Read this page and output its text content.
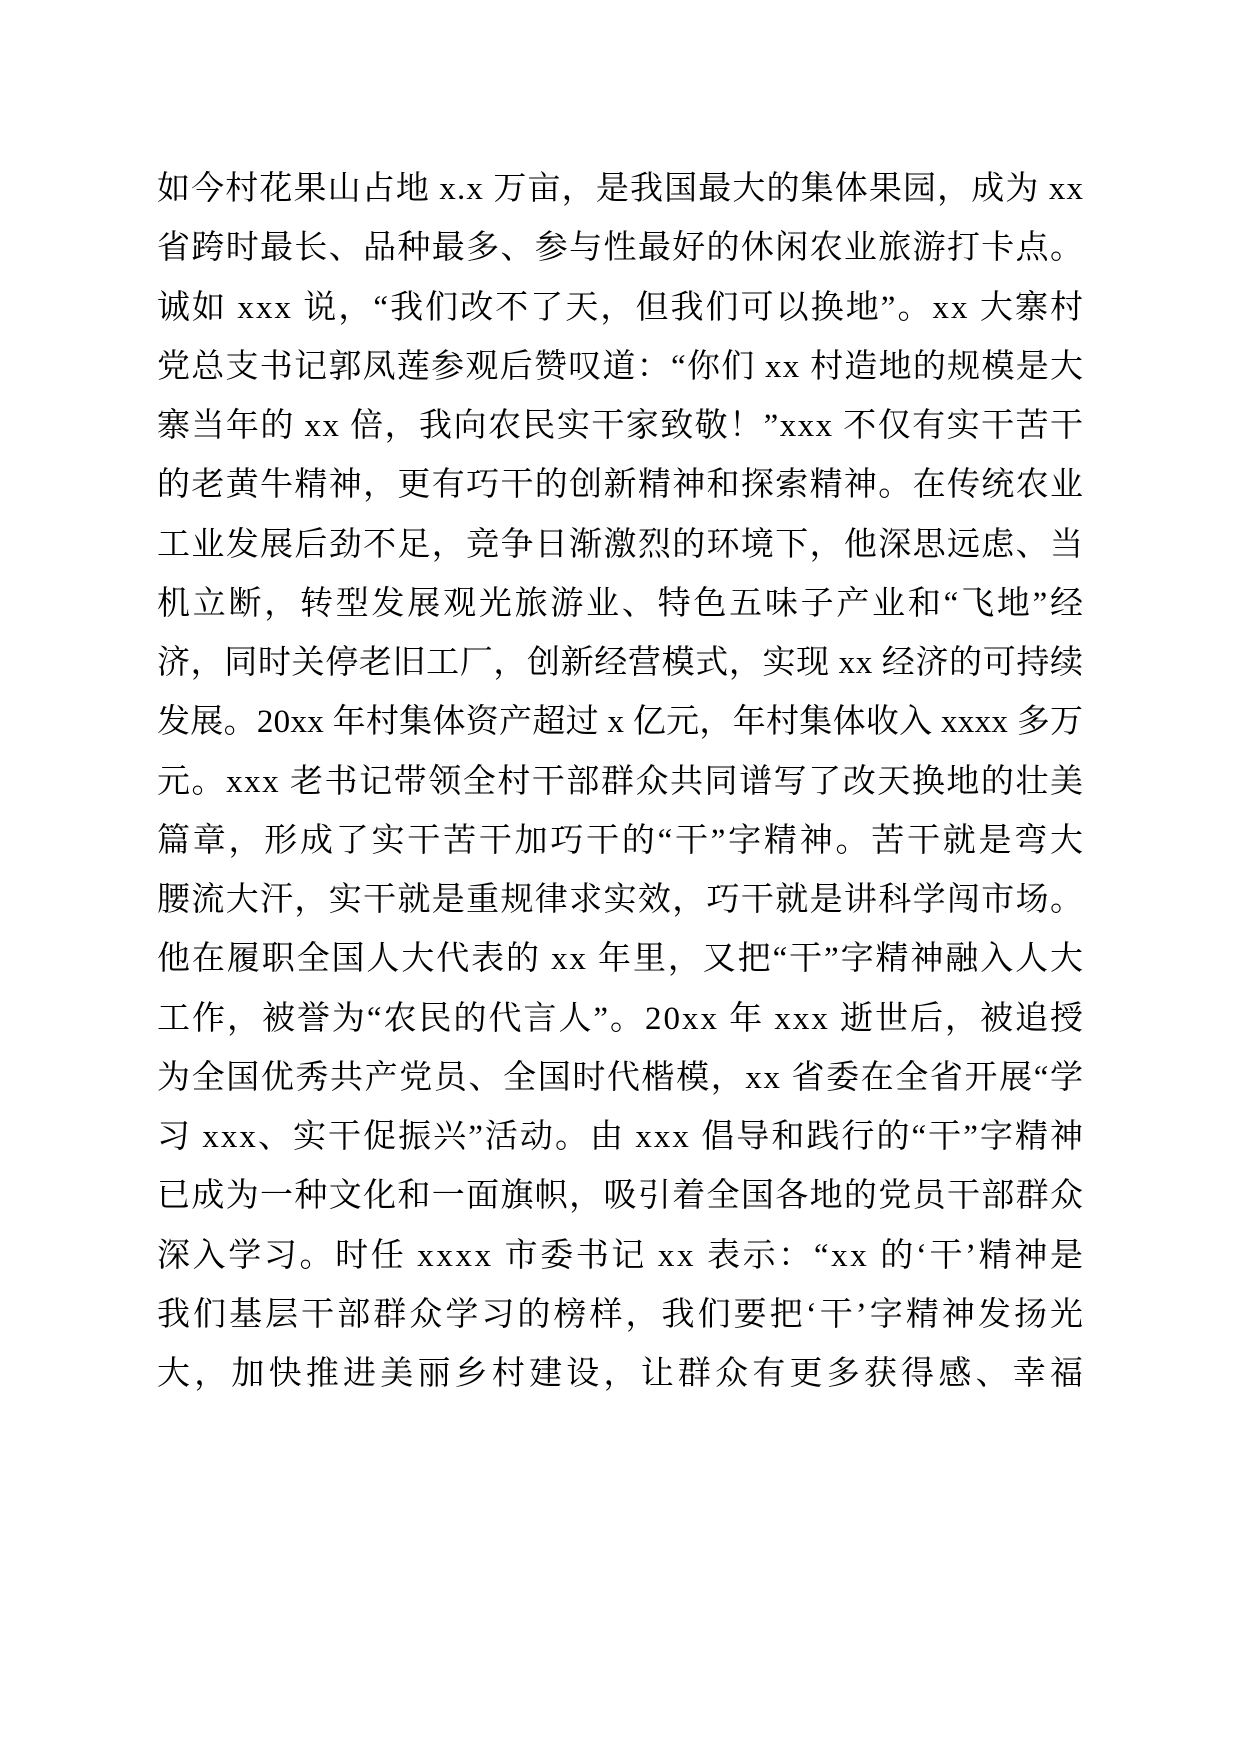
如今村花果山占地 x.x 万亩，是我国最大的集体果园，成为 xx
省跨时最长、品种最多、参与性最好的休闲农业旅游打卡点。
诚如 xxx 说，“我们改不了天，但我们可以换地”。xx 大寨村
党总支书记郭凤莲参观后赞叹道：“你们 xx 村造地的规模是大
寨当年的 xx 倍，我向农民实干家致敬！”xxx 不仅有实干苦干
的老黄牛精神，更有巧干的创新精神和探索精神。在传统农业
工业发展后劲不足，竞争日渐激烈的环境下，他深思远虑、当
机立断，转型发展观光旅游业、特色五味子产业和“飞地”经
济，同时关停老旧工厂，创新经营模式，实现 xx 经济的可持续
发展。20xx 年村集体资产超过 x 亿元，年村集体收入 xxxx 多万
元。xxx 老书记带领全村干部群众共同谱写了改天换地的壮美
篇章，形成了实干苦干加巧干的“干”字精神。苦干就是弯大
腰流大汗，实干就是重规律求实效，巧干就是讲科学闯市场。
他在履职全国人大代表的 xx 年里，又把“干”字精神融入人大
工作，被誉为“农民的代言人”。20xx 年 xxx 逝世后，被追授
为全国优秀共产党员、全国时代楷模，xx 省委在全省开展“学
习 xxx、实干促振兴”活动。由 xxx 倡导和践行的“干”字精神
已成为一种文化和一面旗帜，吸引着全国各地的党员干部群众
深入学习。时任 xxxx 市委书记 xx 表示：“xx 的‘干’精神是
我们基层干部群众学习的榜样，我们要把‘干’字精神发扬光
大，加快推进美丽乡村建设，让群众有更多获得感、幸福
